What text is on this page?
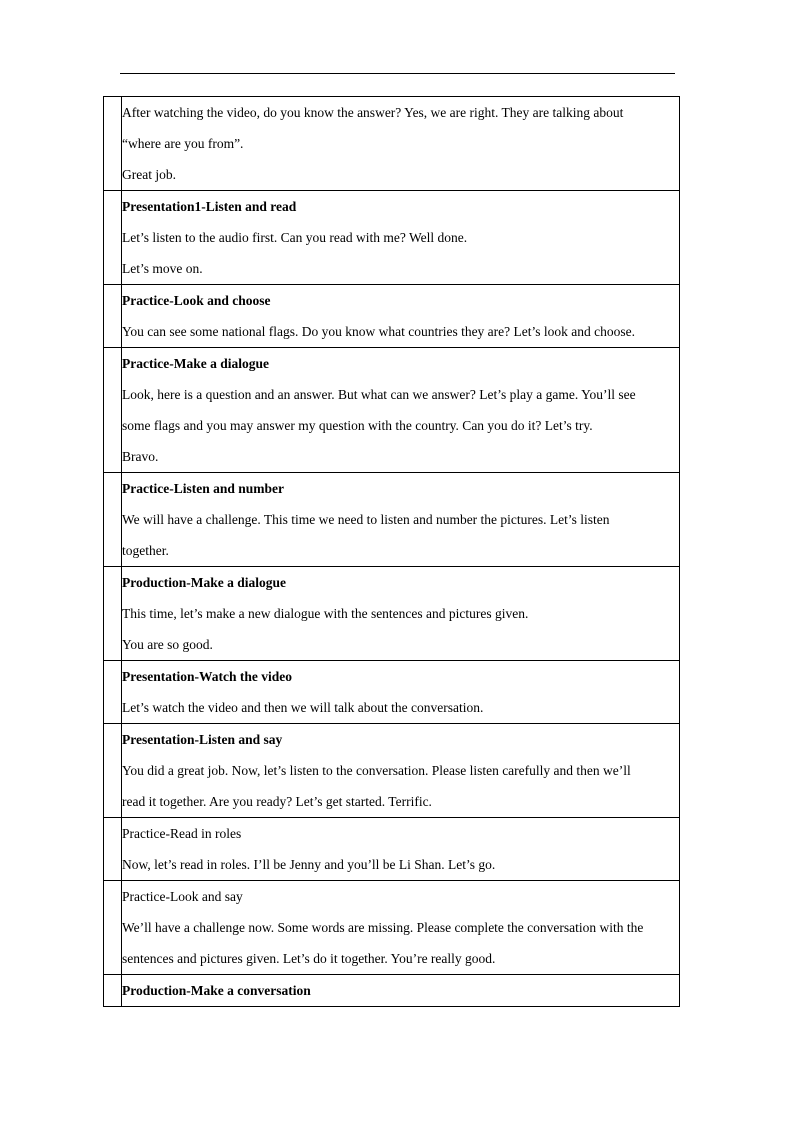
	After watching the video, do you know the answer? Yes, we are right. They are talking about
“where are you from”.
Great job.

	Presentation1-Listen and read
Let’s listen to the audio first. Can you read with me? Well done.
Let’s move on.

	Practice-Look and choose
You can see some national flags. Do you know what countries they are? Let’s look and choose.

	Practice-Make a dialogue
Look, here is a question and an answer. But what can we answer? Let’s play a game. You’ll see
some flags and you may answer my question with the country. Can you do it? Let’s try.
Bravo.

	Practice-Listen and number
We will have a challenge. This time we need to listen and number the pictures. Let’s listen
together.

	Production-Make a dialogue
This time, let’s make a new dialogue with the sentences and pictures given.
You are so good.

	Presentation-Watch the video
Let’s watch the video and then we will talk about the conversation.

	Presentation-Listen and say
You did a great job. Now, let’s listen to the conversation. Please listen carefully and then we’ll
read it together. Are you ready? Let’s get started. Terrific.

	Practice-Read in roles
Now, let’s read in roles. I’ll be Jenny and you’ll be Li Shan. Let’s go.

	Practice-Look and say
We’ll have a challenge now. Some words are missing. Please complete the conversation with the
sentences and pictures given. Let’s do it together. You’re really good.

	Production-Make a conversation
